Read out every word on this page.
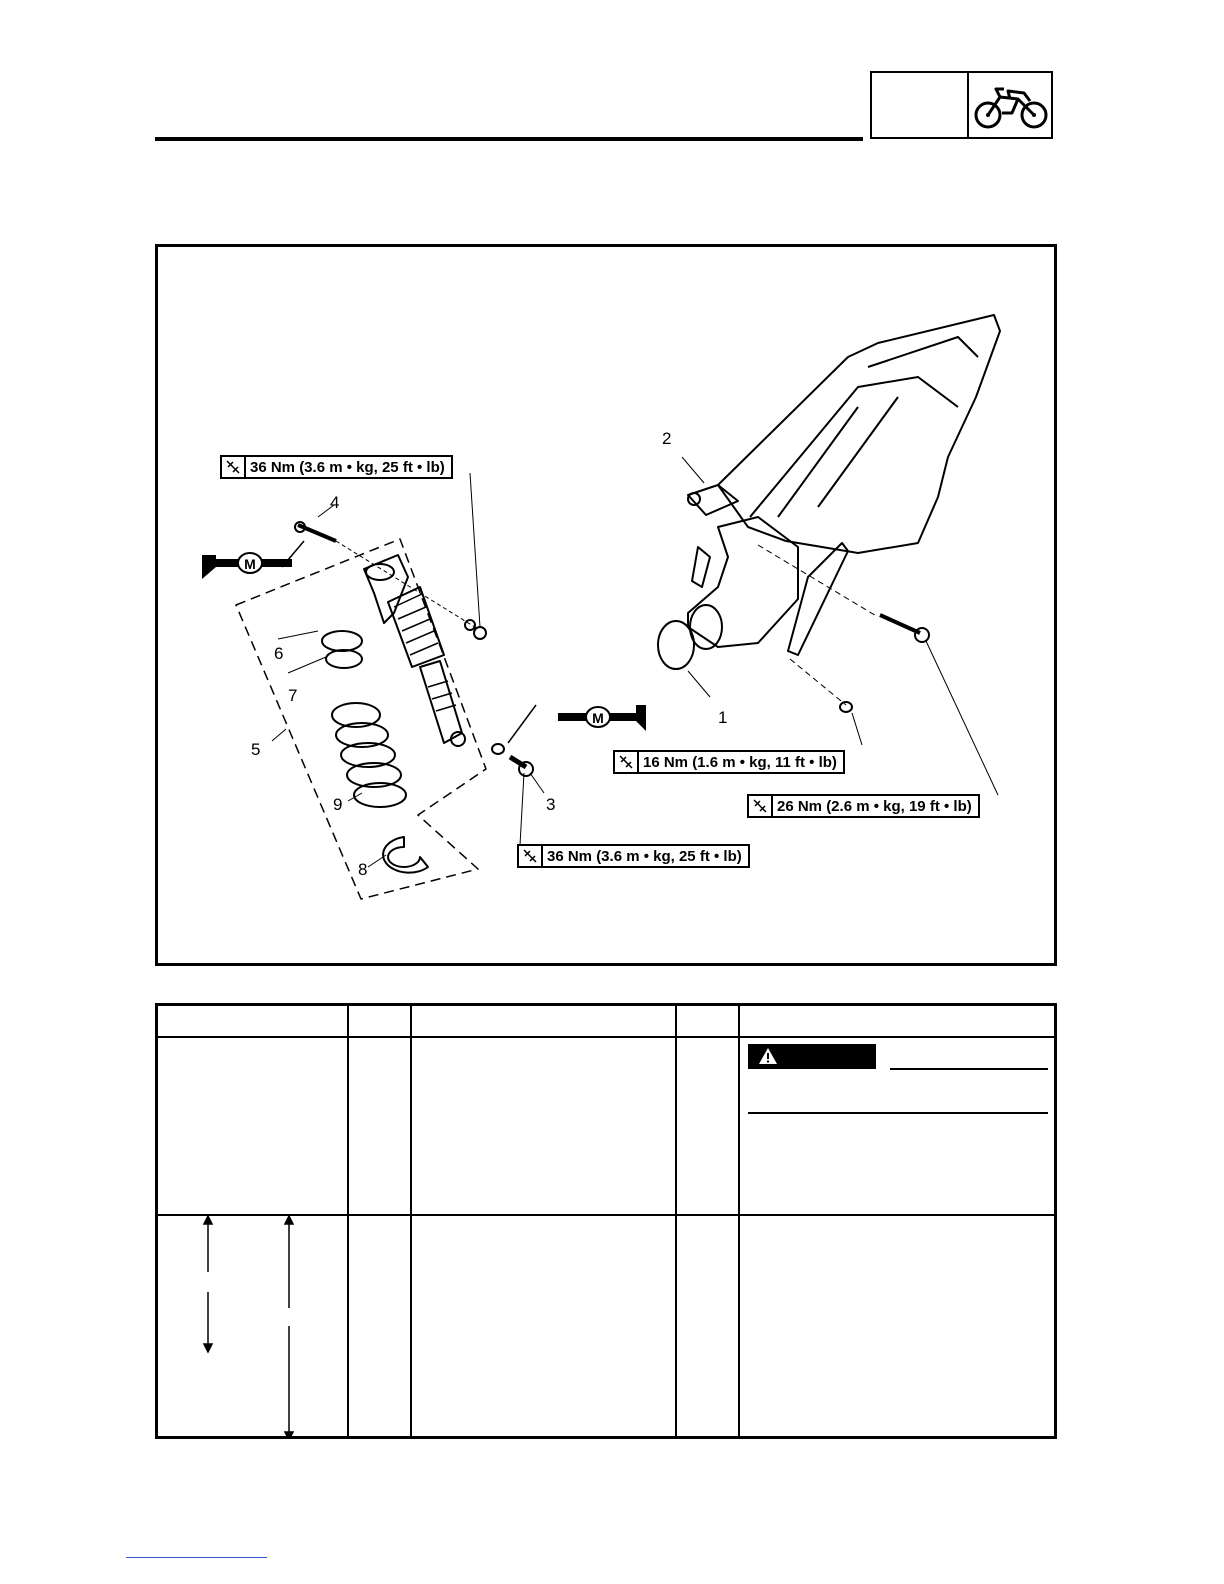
M
M	1
2
3
4
5
6
7
8
9
36 Nm (3.6 m • kg, 25 ft • lb)
36 Nm (3.6 m • kg, 25 ft • lb)
16 Nm (1.6 m • kg, 11 ft • lb)
26 Nm (2.6 m • kg, 19 ft • lb)
